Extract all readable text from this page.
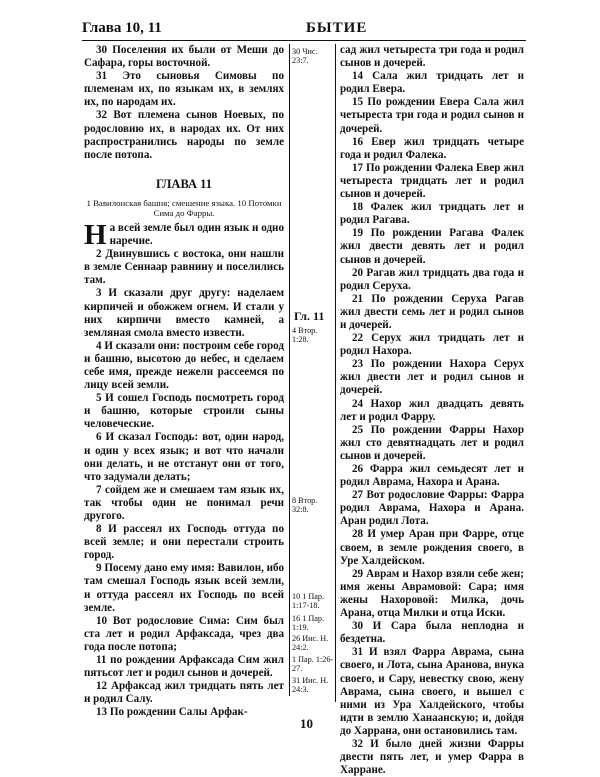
Глава 10, 11	БЫТИЕ

30 Поселения их были от Меши до Сафара, горы восточной.

31 Это сыновья Симовы по племенам их, по языкам их, в землях их, по народам их.

32 Вот племена сынов Ноевых, по родословию их, в народах их. От них распространились народы по земле после потопа.

ГЛАВА 11
1 Вавилонская башня; смешение языка. 10 Потомки Сима до Фарры.

На всей земле был один язык и одно наречие.

2 Двинувшись с востока, они нашли в земле Сеннаар равнину и поселились там.

3 И сказали друг другу: наделаем кирпичей и обожжем огнем. И стали у них кирпичи вместо камней, а земляная смола вместо извести.

4 И сказали они: построим себе город и башню, высотою до небес, и сделаем себе имя, прежде нежели рассеемся по лицу всей земли.

5 И сошел Господь посмотреть город и башню, которые строили сыны человеческие.

6 И сказал Господь: вот, один народ, и один у всех язык; и вот что начали они делать, и не отстанут они от того, что задумали делать;

7 сойдем же и смешаем там язык их, так чтобы один не понимал речи другого.

8 И рассеял их Господь оттуда по всей земле; и они перестали строить город.

9 Посему дано ему имя: Вавилон, ибо там смешал Господь язык всей земли, и оттуда рассеял их Господь по всей земле.

10 Вот родословие Сима: Сим был ста лет и родил Арфаксада, чрез два года после потопа;

11 по рождении Арфаксада Сим жил пятьсот лет и родил сынов и дочерей.

12 Арфаксад жил тридцать пять лет и родил Салу.

13 По рождении Салы Арфак-

30 Чис. 23:7.
Гл. 11
4 Втор. 1:28.
8 Втор. 32:8.
10 1 Пар. 1:17-18.
16 1 Пар. 1:19.
26 Иис. Н. 24:2.
1 Пар. 1:26-27.
31 Иис. Н. 24:3.

сад жил четыреста три года и родил сынов и дочерей.

14 Сала жил тридцать лет и родил Евера.

15 По рождении Евера Сала жил четыреста три года и родил сынов и дочерей.

16 Евер жил тридцать четыре года и родил Фалека.

17 По рождении Фалека Евер жил четыреста тридцать лет и родил сынов и дочерей.

18 Фалек жил тридцать лет и родил Рагава.

19 По рождении Рагава Фалек жил двести девять лет и родил сынов и дочерей.

20 Рагав жил тридцать два года и родил Серуха.

21 По рождении Серуха Рагав жил двести семь лет и родил сынов и дочерей.

22 Серух жил тридцать лет и родил Нахора.

23 По рождении Нахора Серух жил двести лет и родил сынов и дочерей.

24 Нахор жил двадцать девять лет и родил Фарру.

25 По рождении Фарры Нахор жил сто девятнадцать лет и родил сынов и дочерей.

26 Фарра жил семьдесят лет и родил Аврама, Нахора и Арана.

27 Вот родословие Фарры: Фарра родил Аврама, Нахора и Арана. Аран родил Лота.

28 И умер Аран при Фарре, отце своем, в земле рождения своего, в Уре Халдейском.

29 Аврам и Нахор взяли себе жен; имя жены Аврамовой: Сара; имя жены Нахоровой: Милка, дочь Арана, отца Милки и отца Иски.

30 И Сара была неплодна и бездетна.

31 И взял Фарра Аврама, сына своего, и Лота, сына Аранова, внука своего, и Сару, невестку свою, жену Аврама, сына своего, и вышел с ними из Ура Халдейского, чтобы идти в землю Ханаанскую; и, дойдя до Харрана, они остановились там.

32 И было дней жизни Фарры двести пять лет, и умер Фарра в Харране.

10
